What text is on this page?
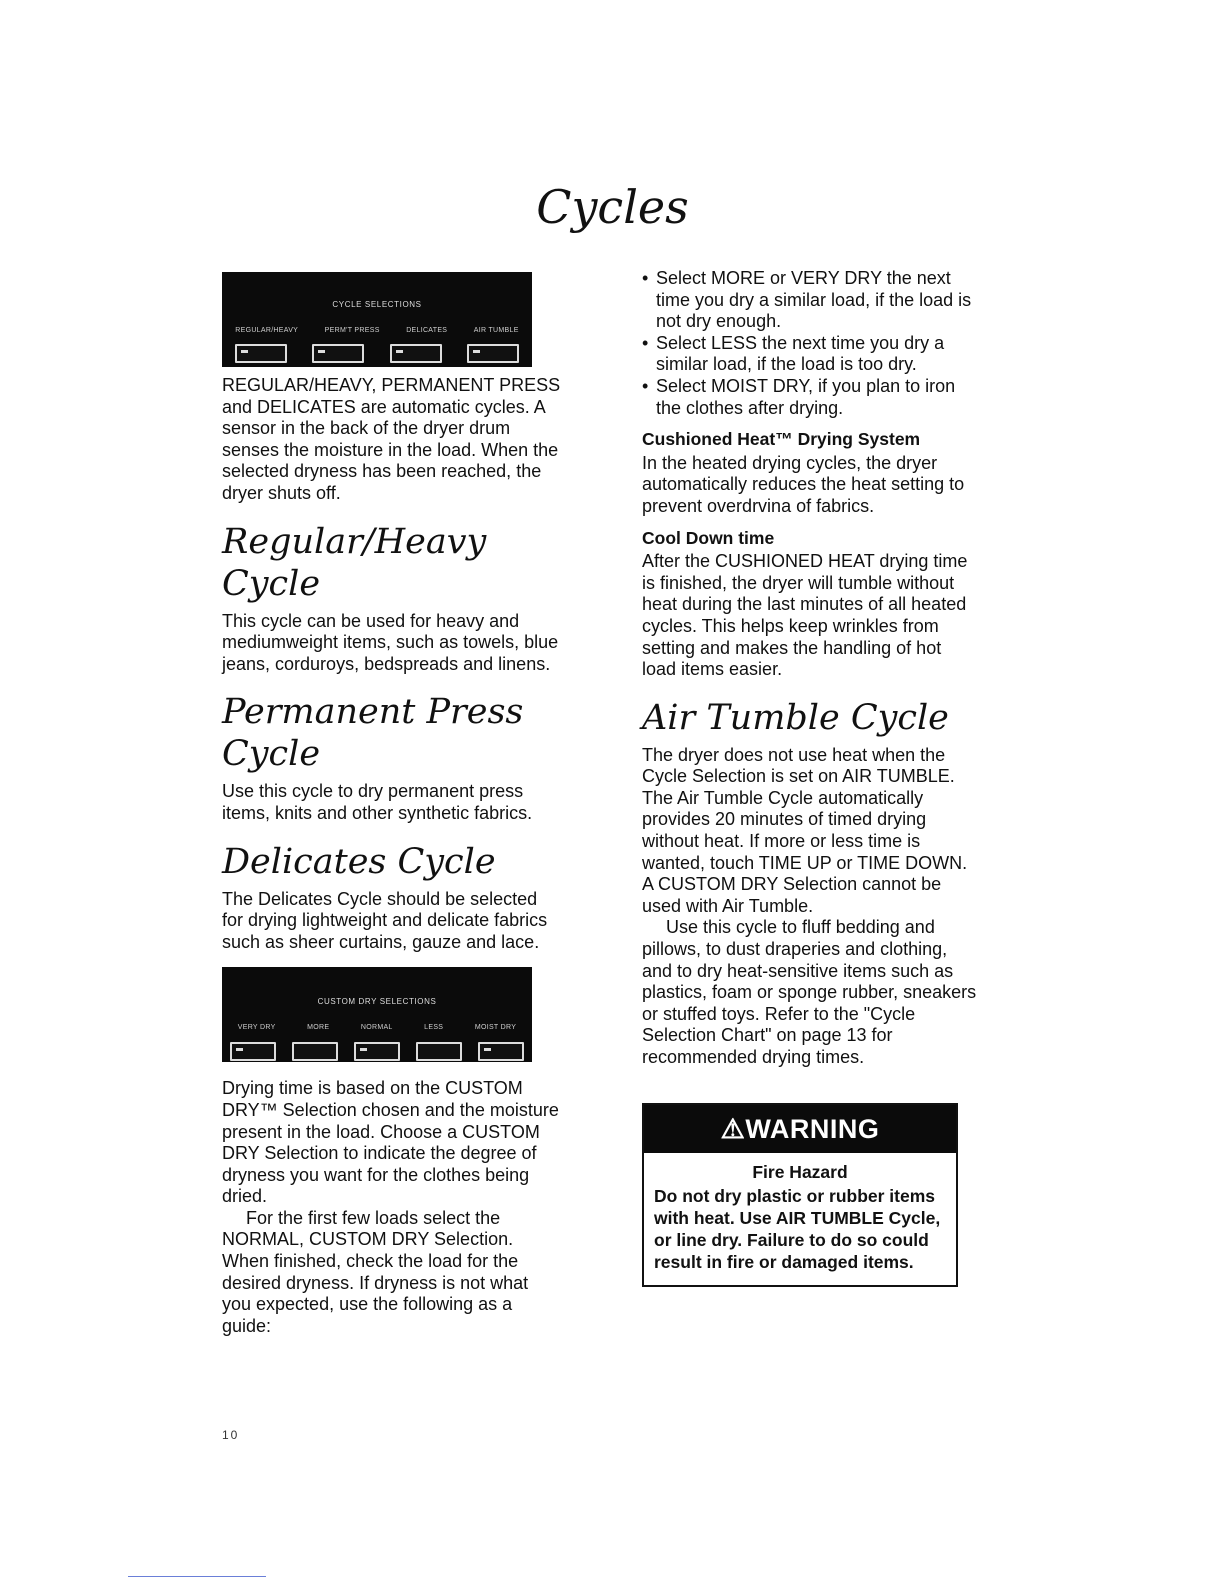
Cycles
CYCLE SELECTIONS
REGULAR/HEAVY	PERM'T PRESS	DELICATES	AIR TUMBLE

REGULAR/HEAVY, PERMANENT PRESS and DELICATES are automatic cycles. A sensor in the back of the dryer drum senses the moisture in the load. When the selected dryness has been reached, the dryer shuts off.

Regular/Heavy Cycle

This cycle can be used for heavy and mediumweight items, such as towels, blue jeans, corduroys, bedspreads and linens.

Permanent Press Cycle

Use this cycle to dry permanent press items, knits and other synthetic fabrics.

Delicates Cycle

The Delicates Cycle should be selected for drying lightweight and delicate fabrics such as sheer curtains, gauze and lace.

CUSTOM DRY SELECTIONS
VERY DRY	MORE	NORMAL	LESS	MOIST DRY

Drying time is based on the CUSTOM DRY™ Selection chosen and the moisture present in the load. Choose a CUSTOM DRY Selection to indicate the degree of dryness you want for the clothes being dried.

For the first few loads select the NORMAL, CUSTOM DRY Selection. When finished, check the load for the desired dryness. If dryness is not what you expected, use the following as a guide:

• Select MORE or VERY DRY the next time you dry a similar load, if the load is not dry enough.
• Select LESS the next time you dry a similar load, if the load is too dry.
• Select MOIST DRY, if you plan to iron the clothes after drying.
Cushioned Heat™ Drying System

In the heated drying cycles, the dryer automatically reduces the heat setting to prevent overdrvina of fabrics.

Cool Down time

After the CUSHIONED HEAT drying time is finished, the dryer will tumble without heat during the last minutes of all heated cycles. This helps keep wrinkles from setting and makes the handling of hot load items easier.

Air Tumble Cycle

The dryer does not use heat when the Cycle Selection is set on AIR TUMBLE. The Air Tumble Cycle automatically provides 20 minutes of timed drying without heat. If more or less time is wanted, touch TIME UP or TIME DOWN. A CUSTOM DRY Selection cannot be used with Air Tumble.

Use this cycle to fluff bedding and pillows, to dust draperies and clothing, and to dry heat-sensitive items such as plastics, foam or sponge rubber, sneakers or stuffed toys. Refer to the "Cycle Selection Chart" on page 13 for recommended drying times.

⚠WARNING
Fire Hazard
Do not dry plastic or rubber items with heat. Use AIR TUMBLE Cycle, or line dry. Failure to do so could result in fire or damaged items.
10
